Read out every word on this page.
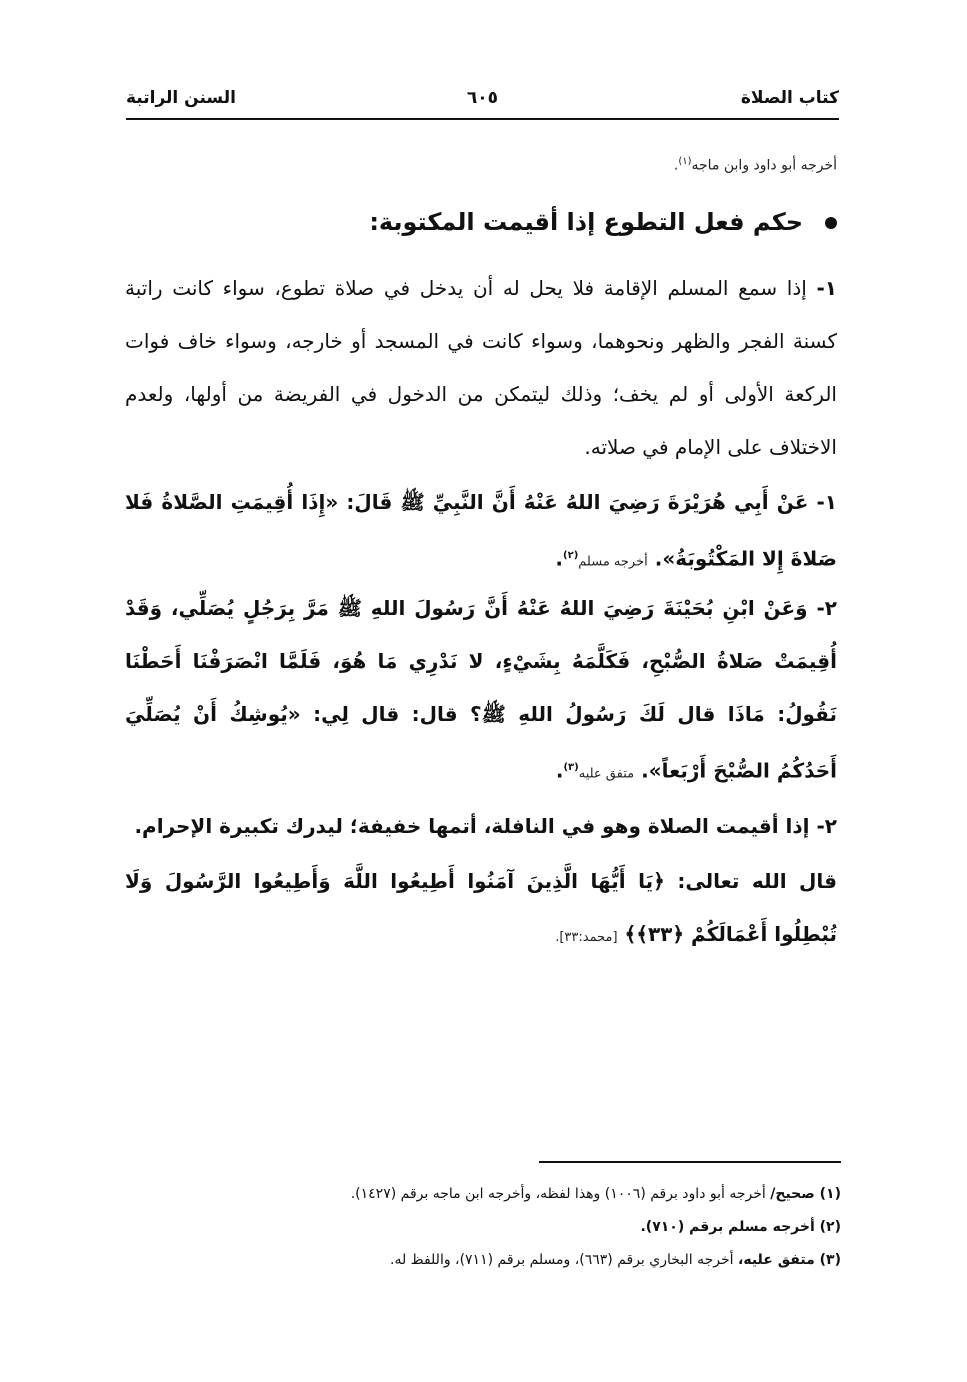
كتاب الصلاة
٦٠٥
السنن الراتبة
أخرجه أبو داود وابن ماجه$^{(١)}$.
حكم فعل التطوع إذا أقيمت المكتوبة:
١- إذا سمع المسلم الإقامة فلا يحل له أن يدخل في صلاة تطوع، سواء كانت راتبة كسنة الفجر والظهر ونحوهما، وسواء كانت في المسجد أو خارجه، وسواء خاف فوات الركعة الأولى أو لم يخف؛ وذلك ليتمكن من الدخول في الفريضة من أولها، ولعدم الاختلاف على الإمام في صلاته.
١- عَنْ أَبِي هُرَيْرَةَ رَضِيَ اللهُ عَنْهُ أَنَّ النَّبِيِّ ﷺ قَالَ: «إِذَا أُقِيمَتِ الصَّلاةُ فَلا صَلاةَ إِلا المَكْتُوبَةُ». أخرجه مسلم$^{(٢)}$.
٢- وَعَنْ ابْنِ بُحَيْنَةَ رَضِيَ اللهُ عَنْهُ أَنَّ رَسُولَ اللهِ ﷺ مَرَّ بِرَجُلٍ يُصَلِّي، وَقَدْ أُقِيمَتْ صَلاةُ الصُّبْحِ، فَكَلَّمَهُ بِشَيْءٍ، لا نَدْرِي مَا هُوَ، فَلَمَّا انْصَرَفْنَا أَحَطْنَا نَقُولُ: مَاذَا قال لَكَ رَسُولُ اللهِ ﷺ؟ قال: قال لِي: «يُوشِكُ أَنْ يُصَلِّيَ أَحَدُكُمُ الصُّبْحَ أَرْبَعاً». متفق عليه$^{(٣)}$.
٢- إذا أقيمت الصلاة وهو في النافلة، أتمها خفيفة؛ ليدرك تكبيرة الإحرام.
قال الله تعالى: ﴿يَا أَيُّهَا الَّذِينَ آمَنُوا أَطِيعُوا اللَّهَ وَأَطِيعُوا الرَّسُولَ وَلَا تُبْطِلُوا أَعْمَالَكُمْ ﴿٣٣﴾﴾ [محمد:٣٣].
(١) صحيح/ أخرجه أبو داود برقم (١٠٠٦) وهذا لفظه، وأخرجه ابن ماجه برقم (١٤٢٧).
(٢) أخرجه مسلم برقم (٧١٠).
(٣) متفق عليه، أخرجه البخاري برقم (٦٦٣)، ومسلم برقم (٧١١)، واللفظ له.
